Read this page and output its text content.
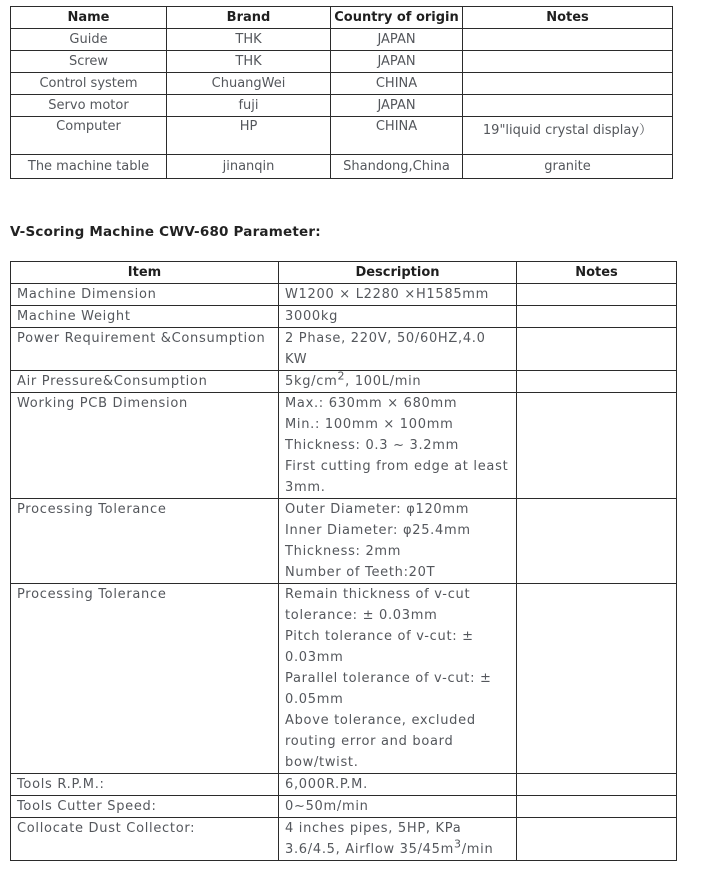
Name	Brand	Country of origin	Notes
Guide	THK	JAPAN	
Screw	THK	JAPAN	
Control system	ChuangWei	CHINA	
Servo motor	fuji	JAPAN	
Computer	HP	CHINA	19"liquid crystal display）
The machine table	jinanqin	Shandong,China	granite
V-Scoring Machine CWV-680 Parameter:
Item	Description	Notes
Machine Dimension	W1200 × L2280 ×H1585mm	

Machine Weight	3000kg	

Power Requirement &Consumption	2 Phase, 220V, 50/60HZ,4.0
KW	

Air Pressure&Consumption	$5kg/cm^2$, 100L/min	

Working PCB Dimension	Max.: 630mm × 680mm
Min.: 100mm × 100mm
Thickness: 0.3 ~ 3.2mm
First cutting from edge at least
3mm.	

Processing Tolerance	Outer Diameter: φ120mm
Inner Diameter: φ25.4mm
Thickness: 2mm
Number of Teeth:20T	

Processing Tolerance	Remain thickness of v-cut
tolerance: ± 0.03mm
Pitch tolerance of v-cut: ±
0.03mm
Parallel tolerance of v-cut: ±
0.05mm
Above tolerance, excluded
routing error and board
bow/twist.

Tools R.P.M.:	6,000R.P.M.	

Tools Cutter Speed:	0~50m/min	

Collocate Dust Collector:	4 inches pipes, 5HP, KPa
3.6/4.5, Airflow $35/45m^3/\min$	
